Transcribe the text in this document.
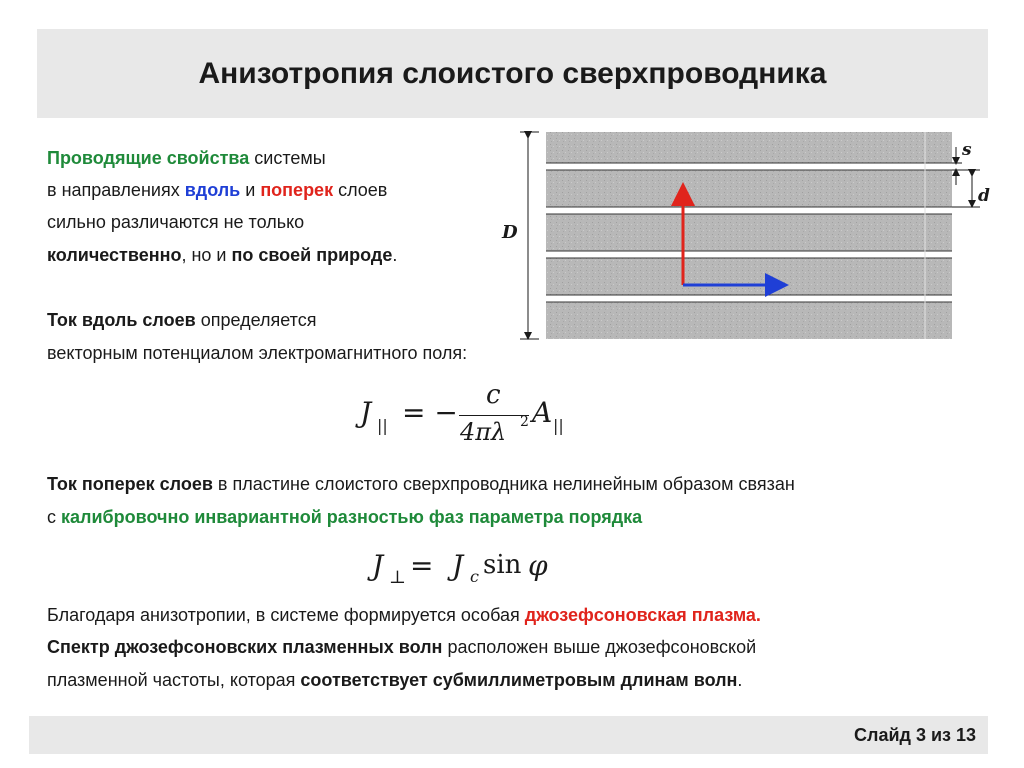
Анизотропия слоистого сверхпроводника
Проводящие свойства системы
в направлениях вдоль и поперек слоев
сильно различаются не только
количественно, но и по своей природе.
Ток вдоль слоев определяется
векторным потенциалом электромагнитного поля:
J || = −
c
4πλ 2 A ||
Ток поперек слоев в пластине слоистого сверхпроводника нелинейным образом связан
с калибровочно инвариантной разностью фаз параметра порядка
J ⊥ = J c sin φ
Благодаря анизотропии, в системе формируется особая джозефсоновская плазма.
Спектр джозефсоновских плазменных волн расположен выше джозефсоновской
плазменной частоты, которая соответствует субмиллиметровым длинам волн.
D
s
d
Слайд 3 из 13
